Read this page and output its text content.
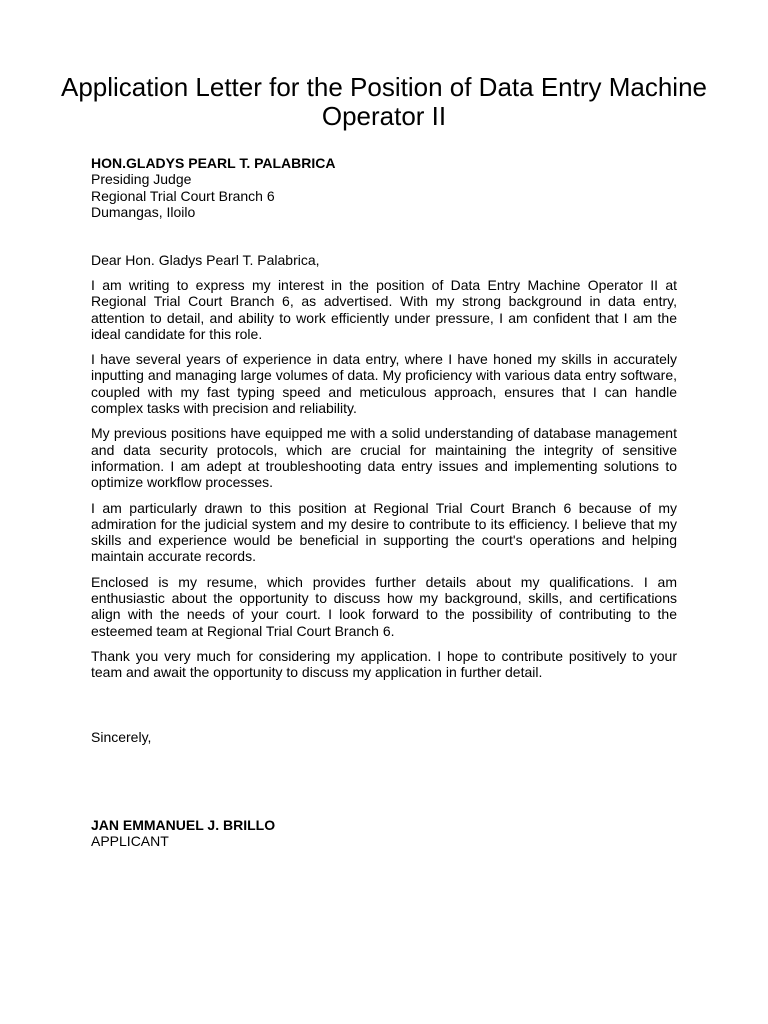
Application Letter for the Position of Data Entry Machine Operator II
HON.GLADYS PEARL T. PALABRICA
Presiding Judge
Regional Trial Court Branch 6
Dumangas, Iloilo
Dear Hon. Gladys Pearl T. Palabrica,

I am writing to express my interest in the position of Data Entry Machine Operator II at Regional Trial Court Branch 6, as advertised. With my strong background in data entry, attention to detail, and ability to work efficiently under pressure, I am confident that I am the ideal candidate for this role.

I have several years of experience in data entry, where I have honed my skills in accurately inputting and managing large volumes of data. My proficiency with various data entry software, coupled with my fast typing speed and meticulous approach, ensures that I can handle complex tasks with precision and reliability.

My previous positions have equipped me with a solid understanding of database management and data security protocols, which are crucial for maintaining the integrity of sensitive information. I am adept at troubleshooting data entry issues and implementing solutions to optimize workflow processes.

I am particularly drawn to this position at Regional Trial Court Branch 6 because of my admiration for the judicial system and my desire to contribute to its efficiency. I believe that my skills and experience would be beneficial in supporting the court's operations and helping maintain accurate records.

Enclosed is my resume, which provides further details about my qualifications. I am enthusiastic about the opportunity to discuss how my background, skills, and certifications align with the needs of your court. I look forward to the possibility of contributing to the esteemed team at Regional Trial Court Branch 6.

Thank you very much for considering my application. I hope to contribute positively to your team and await the opportunity to discuss my application in further detail.

Sincerely,
JAN EMMANUEL J. BRILLO
APPLICANT
